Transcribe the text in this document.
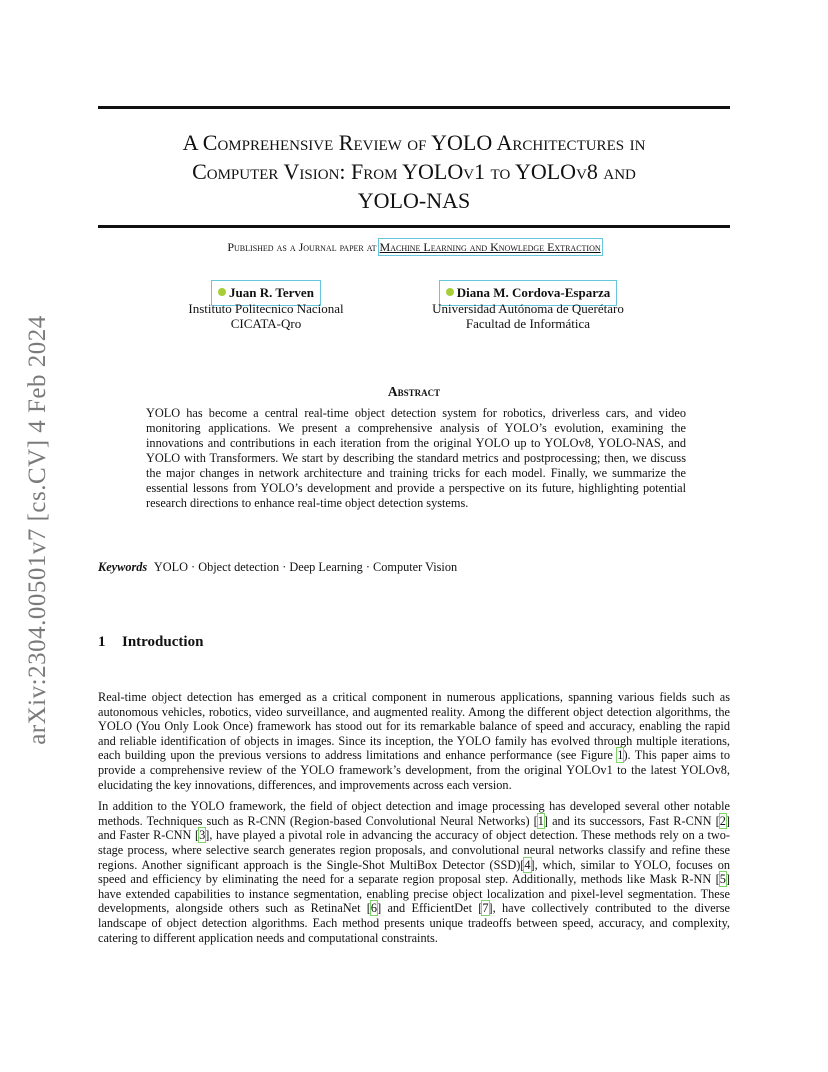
arXiv:2304.00501v7 [cs.CV] 4 Feb 2024
A Comprehensive Review of YOLO Architectures in
Computer Vision: From YOLOv1 to YOLOv8 and
YOLO-NAS
Published as a Journal paper at Machine Learning and Knowledge Extraction
Juan R. Terven
Instituto Politecnico Nacional
CICATA-Qro
Diana M. Cordova-Esparza
Universidad Autónoma de Querétaro
Facultad de Informática
Abstract

YOLO has become a central real-time object detection system for robotics, driverless cars, and video monitoring applications. We present a comprehensive analysis of YOLO’s evolution, examining the innovations and contributions in each iteration from the original YOLO up to YOLOv8, YOLO-NAS, and YOLO with Transformers. We start by describing the standard metrics and postprocessing; then, we discuss the major changes in network architecture and training tricks for each model. Finally, we summarize the essential lessons from YOLO’s development and provide a perspective on its future, highlighting potential research directions to enhance real-time object detection systems.

Keywords YOLO · Object detection · Deep Learning · Computer Vision
1 Introduction

Real-time object detection has emerged as a critical component in numerous applications, spanning various fields such as autonomous vehicles, robotics, video surveillance, and augmented reality. Among the different object detection algorithms, the YOLO (You Only Look Once) framework has stood out for its remarkable balance of speed and accuracy, enabling the rapid and reliable identification of objects in images. Since its inception, the YOLO family has evolved through multiple iterations, each building upon the previous versions to address limitations and enhance performance (see Figure 1). This paper aims to provide a comprehensive review of the YOLO framework’s development, from the original YOLOv1 to the latest YOLOv8, elucidating the key innovations, differences, and improvements across each version.

In addition to the YOLO framework, the field of object detection and image processing has developed several other notable methods. Techniques such as R-CNN (Region-based Convolutional Neural Networks) [1] and its successors, Fast R-CNN [2] and Faster R-CNN [3], have played a pivotal role in advancing the accuracy of object detection. These methods rely on a two-stage process, where selective search generates region proposals, and convolutional neural networks classify and refine these regions. Another significant approach is the Single-Shot MultiBox Detector (SSD)[4], which, similar to YOLO, focuses on speed and efficiency by eliminating the need for a separate region proposal step. Additionally, methods like Mask R-NN [5] have extended capabilities to instance segmentation, enabling precise object localization and pixel-level segmentation. These developments, alongside others such as RetinaNet [6] and EfficientDet [7], have collectively contributed to the diverse landscape of object detection algorithms. Each method presents unique tradeoffs between speed, accuracy, and complexity, catering to different application needs and computational constraints.
